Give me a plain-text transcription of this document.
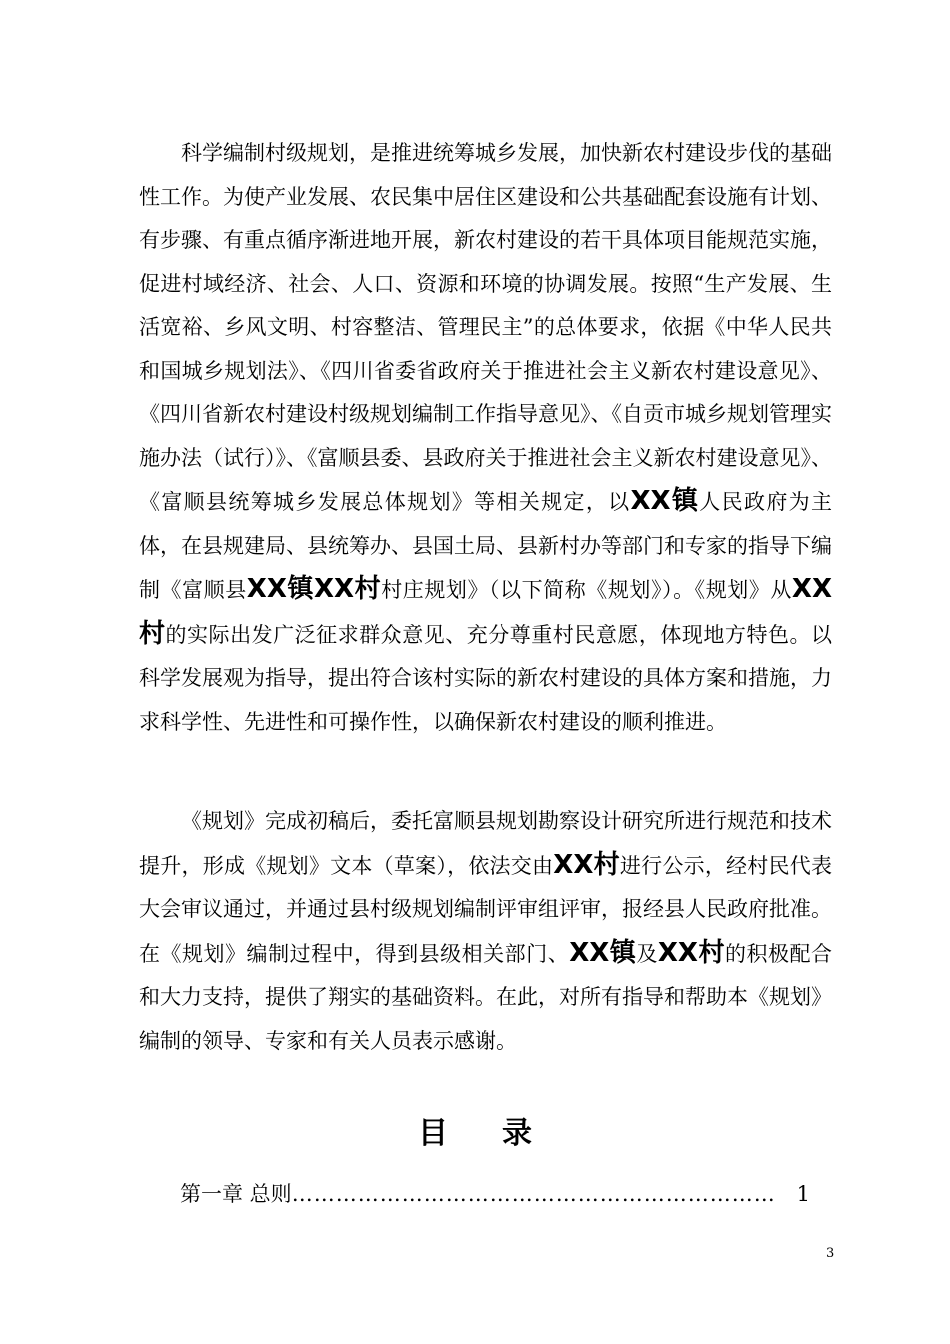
科学编制村级规划，是推进统筹城乡发展，加快新农村建设步伐的基础性工作。为使产业发展、农民集中居住区建设和公共基础配套设施有计划、有步骤、有重点循序渐进地开展，新农村建设的若干具体项目能规范实施，促进村域经济、社会、人口、资源和环境的协调发展。按照“生产发展、生活宽裕、乡风文明、村容整洁、管理民主”的总体要求，依据《中华人民共和国城乡规划法》、《四川省委省政府关于推进社会主义新农村建设意见》、《四川省新农村建设村级规划编制工作指导意见》、《自贡市城乡规划管理实施办法（试行）》、《富顺县委、县政府关于推进社会主义新农村建设意见》、《富顺县统筹城乡发展总体规划》等相关规定，以XX镇人民政府为主体，在县规建局、县统筹办、县国土局、县新村办等部门和专家的指导下编制《富顺县XX镇XX村村庄规划》（以下简称《规划》）。《规划》从XX村的实际出发广泛征求群众意见、充分尊重村民意愿，体现地方特色。以科学发展观为指导，提出符合该村实际的新农村建设的具体方案和措施，力求科学性、先进性和可操作性，以确保新农村建设的顺利推进。

《规划》完成初稿后，委托富顺县规划勘察设计研究所进行规范和技术提升，形成《规划》文本（草案），依法交由XX村进行公示，经村民代表大会审议通过，并通过县村级规划编制评审组评审，报经县人民政府批准。在《规划》编制过程中，得到县级相关部门、XX镇及XX村的积极配合和大力支持，提供了翔实的基础资料。在此，对所有指导和帮助本《规划》编制的领导、专家和有关人员表示感谢。

目录
第一章 总则 ………………………………………………………… 1
3
